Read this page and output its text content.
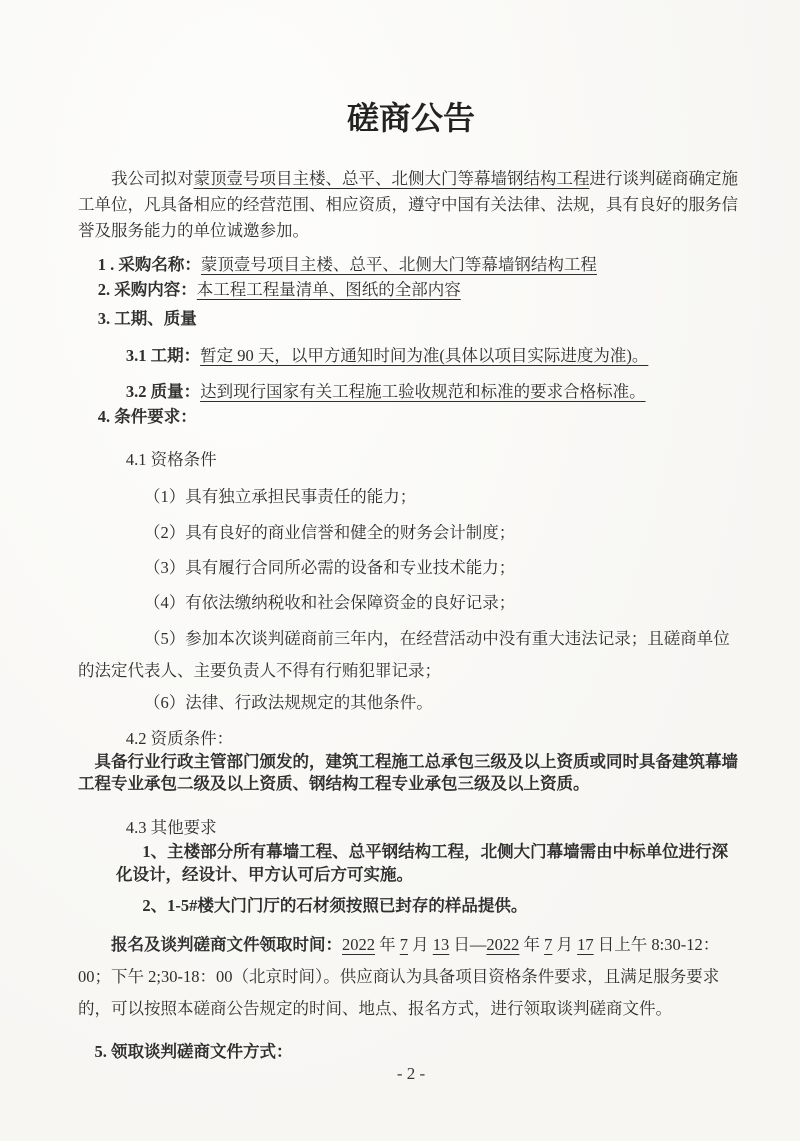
磋商公告

我公司拟对蒙顶壹号项目主楼、总平、北侧大门等幕墙钢结构工程进行谈判磋商确定施工单位，凡具备相应的经营范围、相应资质，遵守中国有关法律、法规，具有良好的服务信誉及服务能力的单位诚邀参加。

1 . 采购名称：蒙顶壹号项目主楼、总平、北侧大门等幕墙钢结构工程

2. 采购内容：本工程工程量清单、图纸的全部内容

3. 工期、质量

3.1 工期：暂定 90 天，以甲方通知时间为准(具体以项目实际进度为准)。

3.2 质量：达到现行国家有关工程施工验收规范和标准的要求合格标准。

4. 条件要求：

4.1 资格条件

（1）具有独立承担民事责任的能力；

（2）具有良好的商业信誉和健全的财务会计制度；

（3）具有履行合同所必需的设备和专业技术能力；

（4）有依法缴纳税收和社会保障资金的良好记录；

（5）参加本次谈判磋商前三年内，在经营活动中没有重大违法记录；且磋商单位的法定代表人、主要负责人不得有行贿犯罪记录；

（6）法律、行政法规规定的其他条件。

4.2 资质条件：

具备行业行政主管部门颁发的，建筑工程施工总承包三级及以上资质或同时具备建筑幕墙工程专业承包二级及以上资质、钢结构工程专业承包三级及以上资质。

4.3 其他要求

1、主楼部分所有幕墙工程、总平钢结构工程，北侧大门幕墙需由中标单位进行深化设计，经设计、甲方认可后方可实施。

2、1-5#楼大门门厅的石材须按照已封存的样品提供。

报名及谈判磋商文件领取时间：2022 年 7 月 13 日—2022 年 7 月 17 日上午 8:30-12：00；下午 2;30-18：00（北京时间）。供应商认为具备项目资格条件要求，且满足服务要求的，可以按照本磋商公告规定的时间、地点、报名方式，进行领取谈判磋商文件。

5. 领取谈判磋商文件方式：

- 2 -
